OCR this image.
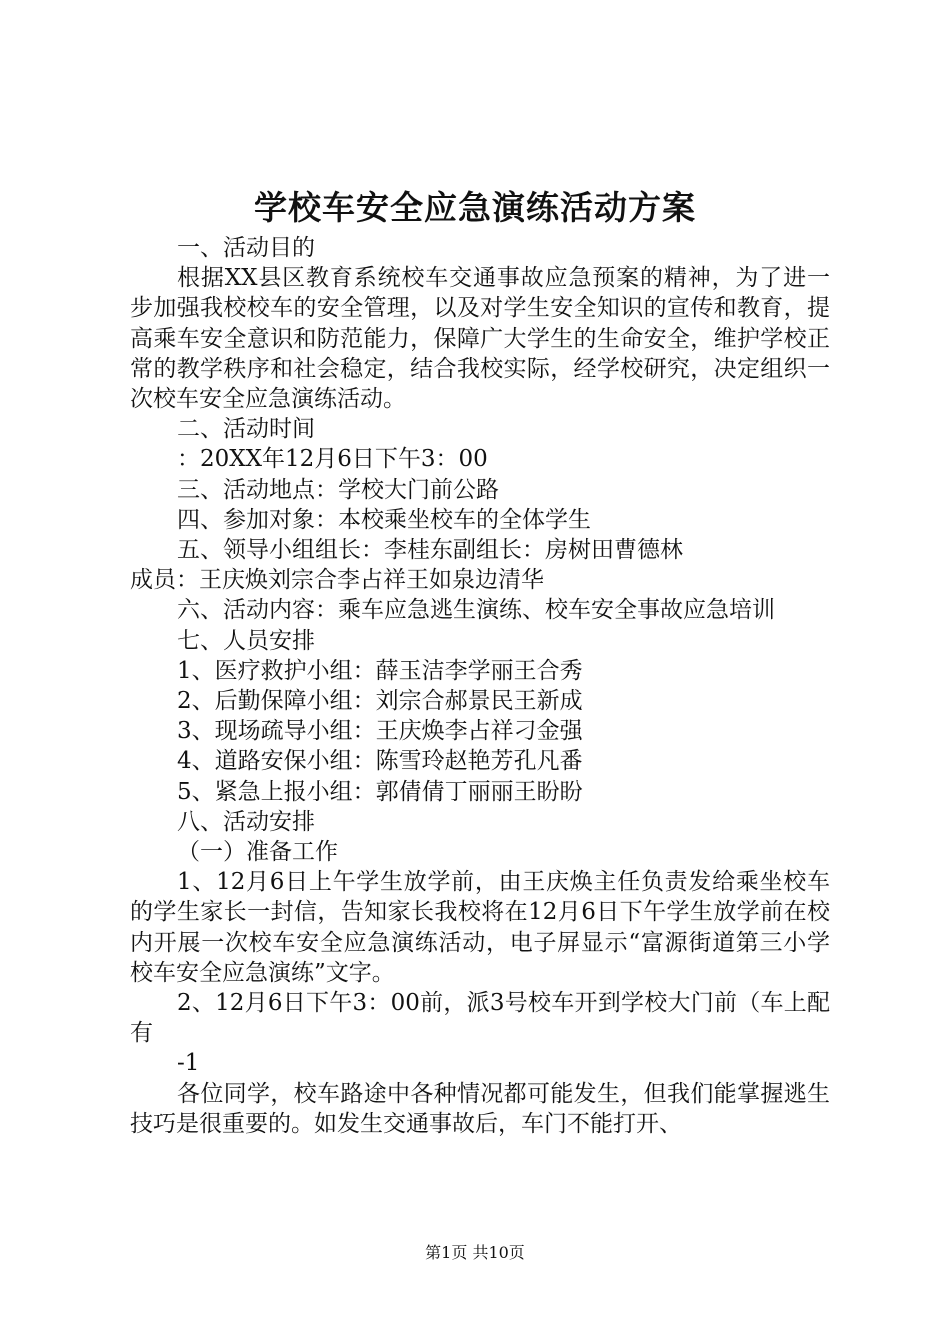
学校车安全应急演练活动方案

一、活动目的

根据XX县区教育系统校车交通事故应急预案的精神，为了进一步加强我校校车的安全管理，以及对学生安全知识的宣传和教育，提高乘车安全意识和防范能力，保障广大学生的生命安全，维护学校正常的教学秩序和社会稳定，结合我校实际，经学校研究，决定组织一次校车安全应急演练活动。

二、活动时间

：20XX年12月6日下午3：00

三、活动地点：学校大门前公路

四、参加对象：本校乘坐校车的全体学生

五、领导小组组长：李桂东副组长：房树田曹德林

成员：王庆焕刘宗合李占祥王如泉边清华

六、活动内容：乘车应急逃生演练、校车安全事故应急培训

七、人员安排

1、医疗救护小组：薛玉洁李学丽王合秀

2、后勤保障小组：刘宗合郝景民王新成

3、现场疏导小组：王庆焕李占祥刁金强

4、道路安保小组：陈雪玲赵艳芳孔凡番

5、紧急上报小组：郭倩倩丁丽丽王盼盼

八、活动安排

（一）准备工作

1、12月6日上午学生放学前，由王庆焕主任负责发给乘坐校车的学生家长一封信，告知家长我校将在12月6日下午学生放学前在校内开展一次校车安全应急演练活动，电子屏显示“富源街道第三小学校车安全应急演练”文字。

2、12月6日下午3：00前，派3号校车开到学校大门前（车上配有

-1

各位同学，校车路途中各种情况都可能发生，但我们能掌握逃生技巧是很重要的。如发生交通事故后，车门不能打开、

第1页 共10页
